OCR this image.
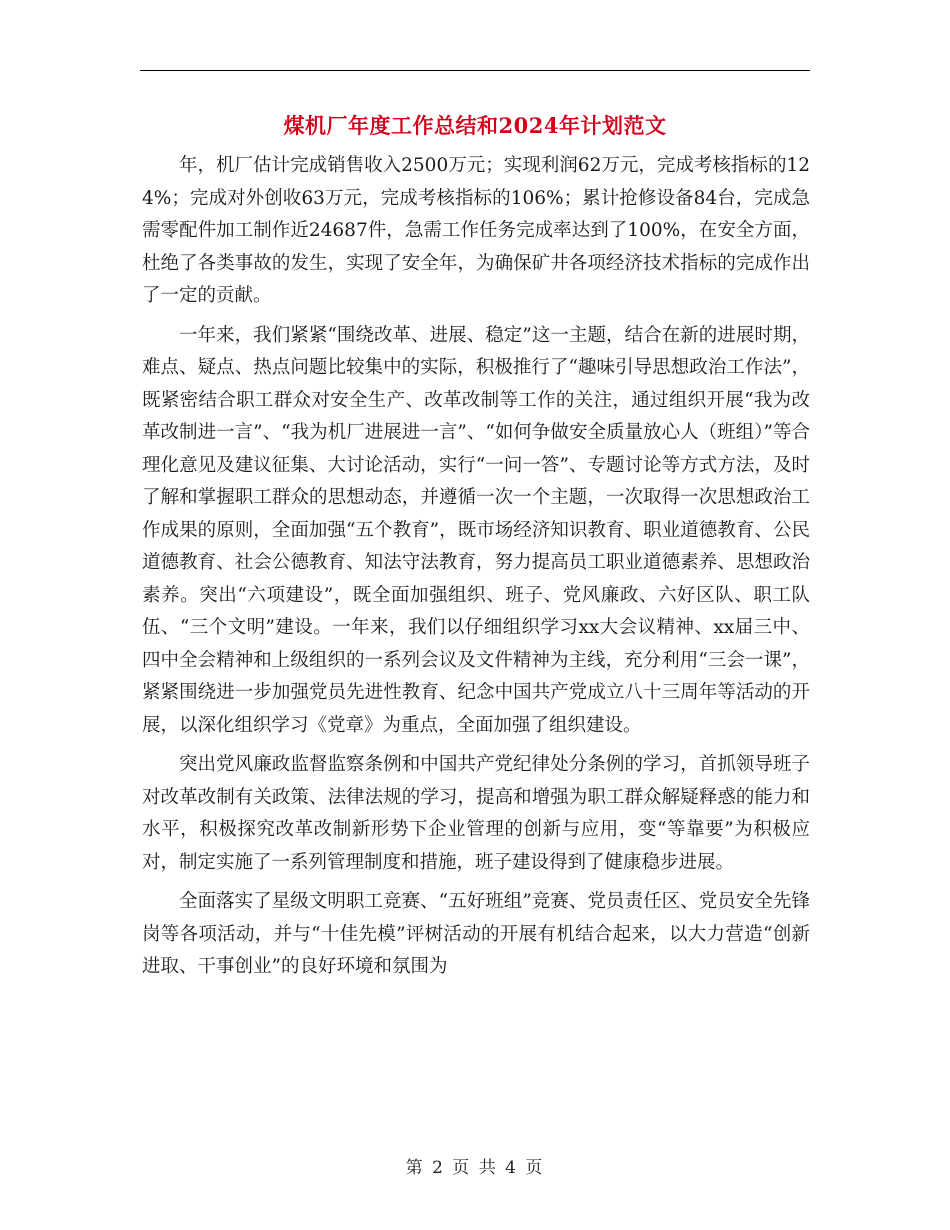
煤机厂年度工作总结和2024年计划范文

年，机厂估计完成销售收入2500万元；实现利润62万元，完成考核指标的124%；完成对外创收63万元，完成考核指标的106%；累计抢修设备84台，完成急需零配件加工制作近24687件，急需工作任务完成率达到了100%，在安全方面，杜绝了各类事故的发生，实现了安全年，为确保矿井各项经济技术指标的完成作出了一定的贡献。

一年来，我们紧紧“围绕改革、进展、稳定”这一主题，结合在新的进展时期，难点、疑点、热点问题比较集中的实际，积极推行了“趣味引导思想政治工作法”，既紧密结合职工群众对安全生产、改革改制等工作的关注，通过组织开展“我为改革改制进一言”、“我为机厂进展进一言”、“如何争做安全质量放心人（班组）”等合理化意见及建议征集、大讨论活动，实行“一问一答”、专题讨论等方式方法，及时了解和掌握职工群众的思想动态，并遵循一次一个主题，一次取得一次思想政治工作成果的原则，全面加强“五个教育”，既市场经济知识教育、职业道德教育、公民道德教育、社会公德教育、知法守法教育，努力提高员工职业道德素养、思想政治素养。突出“六项建设”，既全面加强组织、班子、党风廉政、六好区队、职工队伍、“三个文明”建设。一年来，我们以仔细组织学习xx大会议精神、xx届三中、四中全会精神和上级组织的一系列会议及文件精神为主线，充分利用“三会一课”，紧紧围绕进一步加强党员先进性教育、纪念中国共产党成立八十三周年等活动的开展，以深化组织学习《党章》为重点，全面加强了组织建设。

突出党风廉政监督监察条例和中国共产党纪律处分条例的学习，首抓领导班子对改革改制有关政策、法律法规的学习，提高和增强为职工群众解疑释惑的能力和水平，积极探究改革改制新形势下企业管理的创新与应用，变“等靠要”为积极应对，制定实施了一系列管理制度和措施，班子建设得到了健康稳步进展。

全面落实了星级文明职工竞赛、“五好班组”竞赛、党员责任区、党员安全先锋岗等各项活动，并与“十佳先模”评树活动的开展有机结合起来，以大力营造“创新进取、干事创业”的良好环境和氛围为

第 2 页 共 4 页
